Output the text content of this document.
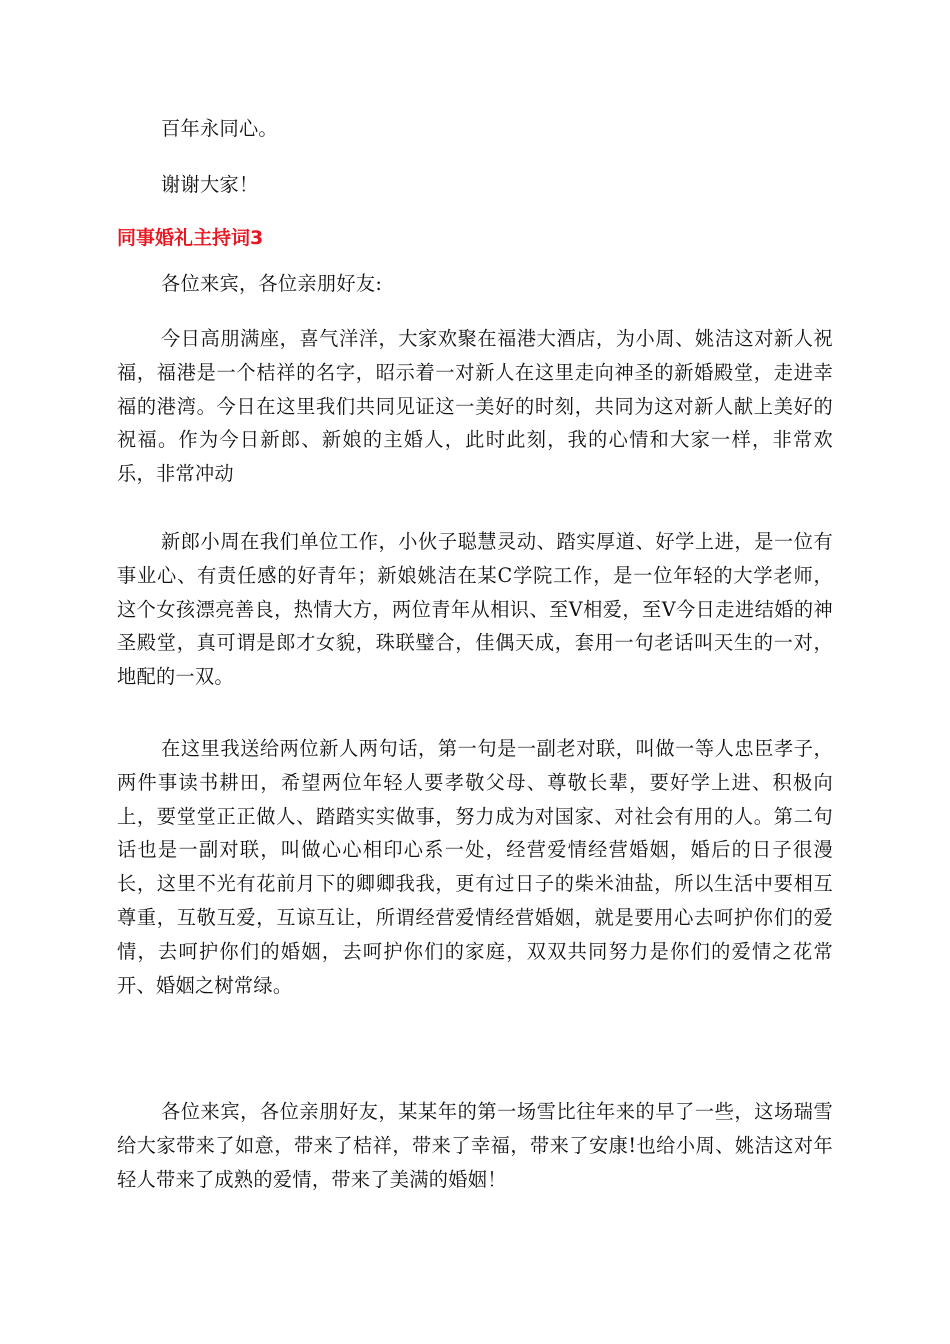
百年永同心。

谢谢大家！

同事婚礼主持词3

各位来宾，各位亲朋好友:

今日高朋满座，喜气洋洋，大家欢聚在福港大酒店，为小周、姚洁这对新人祝福，福港是一个桔祥的名字，昭示着一对新人在这里走向神圣的新婚殿堂，走进幸福的港湾。今日在这里我们共同见证这一美好的时刻，共同为这对新人献上美好的祝福。作为今日新郎、新娘的主婚人，此时此刻，我的心情和大家一样，非常欢乐，非常冲动

新郎小周在我们单位工作，小伙子聪慧灵动、踏实厚道、好学上进，是一位有事业心、有责任感的好青年；新娘姚洁在某C学院工作，是一位年轻的大学老师，这个女孩漂亮善良，热情大方，两位青年从相识、至V相爱，至V今日走进结婚的神圣殿堂，真可谓是郎才女貌，珠联璧合，佳偶天成，套用一句老话叫天生的一对，地配的一双。

在这里我送给两位新人两句话，第一句是一副老对联，叫做一等人忠臣孝子，两件事读书耕田，希望两位年轻人要孝敬父母、尊敬长辈，要好学上进、积极向上，要堂堂正正做人、踏踏实实做事，努力成为对国家、对社会有用的人。第二句话也是一副对联，叫做心心相印心系一处，经营爱情经营婚姻，婚后的日子很漫长，这里不光有花前月下的卿卿我我，更有过日子的柴米油盐，所以生活中要相互尊重，互敬互爱，互谅互让，所谓经营爱情经营婚姻，就是要用心去呵护你们的爱情，去呵护你们的婚姻，去呵护你们的家庭，双双共同努力是你们的爱情之花常开、婚姻之树常绿。

各位来宾，各位亲朋好友，某某年的第一场雪比往年来的早了一些，这场瑞雪给大家带来了如意，带来了桔祥，带来了幸福，带来了安康!也给小周、姚洁这对年轻人带来了成熟的爱情，带来了美满的婚姻！
